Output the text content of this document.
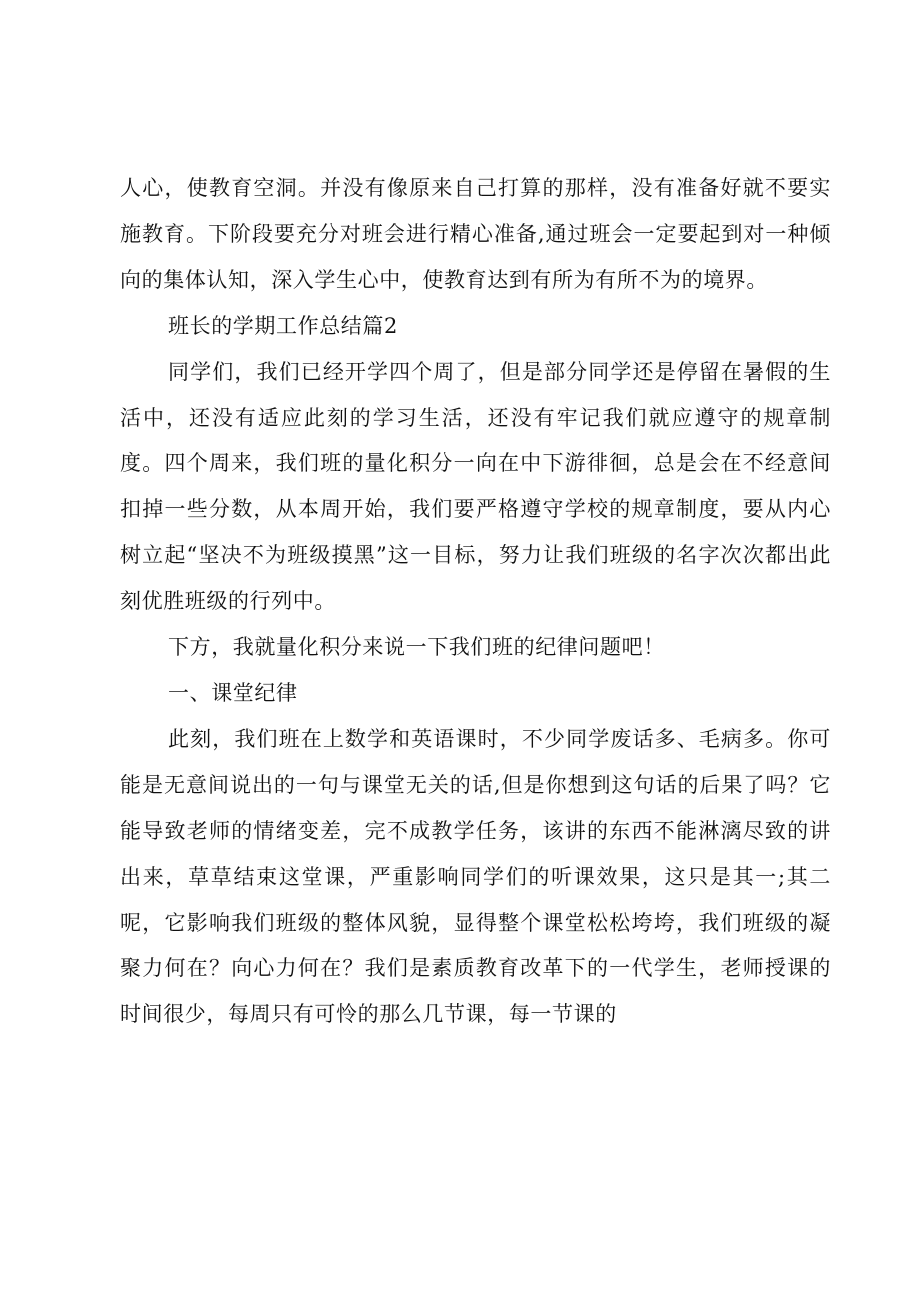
人心，使教育空洞。并没有像原来自己打算的那样，没有准备好就不要实施教育。下阶段要充分对班会进行精心准备,通过班会一定要起到对一种倾向的集体认知，深入学生心中，使教育达到有所为有所不为的境界。

班长的学期工作总结篇2

同学们，我们已经开学四个周了，但是部分同学还是停留在暑假的生活中，还没有适应此刻的学习生活，还没有牢记我们就应遵守的规章制度。四个周来，我们班的量化积分一向在中下游徘徊，总是会在不经意间扣掉一些分数，从本周开始，我们要严格遵守学校的规章制度，要从内心树立起“坚决不为班级摸黑”这一目标，努力让我们班级的名字次次都出此刻优胜班级的行列中。

下方，我就量化积分来说一下我们班的纪律问题吧！

一、课堂纪律

此刻，我们班在上数学和英语课时，不少同学废话多、毛病多。你可能是无意间说出的一句与课堂无关的话,但是你想到这句话的后果了吗？它能导致老师的情绪变差，完不成教学任务，该讲的东西不能淋漓尽致的讲出来，草草结束这堂课，严重影响同学们的听课效果，这只是其一;其二呢，它影响我们班级的整体风貌，显得整个课堂松松垮垮，我们班级的凝聚力何在？向心力何在？我们是素质教育改革下的一代学生，老师授课的时间很少，每周只有可怜的那么几节课，每一节课的
